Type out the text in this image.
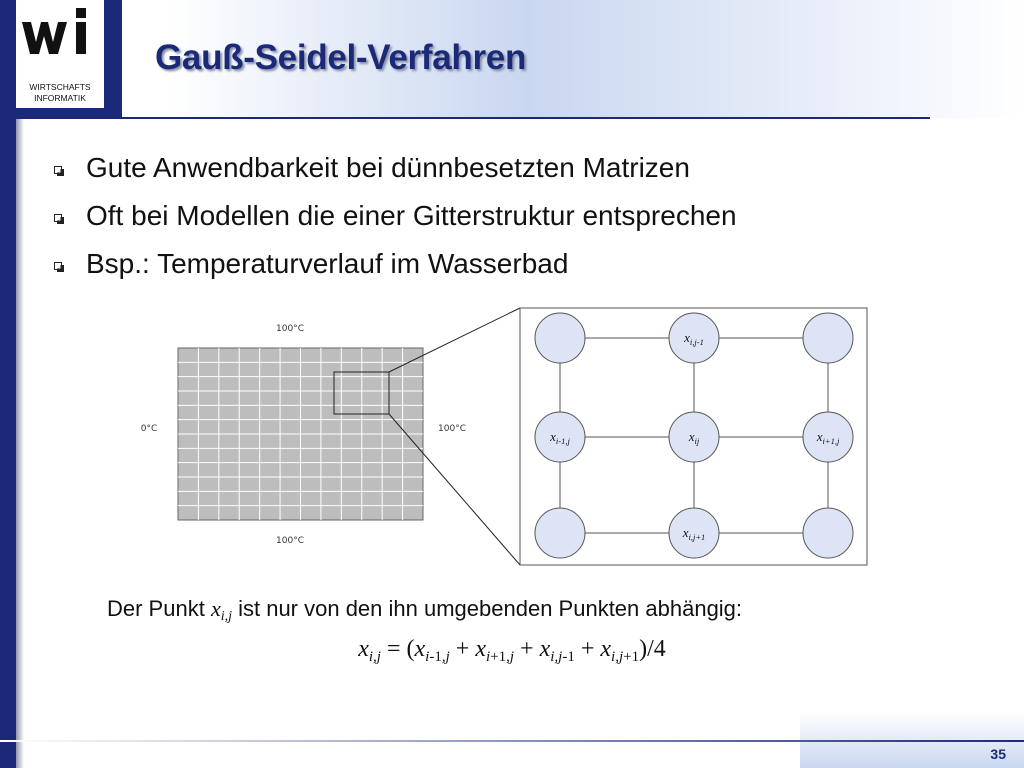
WIRTSCHAFTS
INFORMATIK
Gauß-Seidel-Verfahren
Gute Anwendbarkeit bei dünnbesetzten Matrizen
Oft bei Modellen die einer Gitterstruktur entsprechen
Bsp.: Temperaturverlauf im Wasserbad
100°C
100°C
0°C	100°C
xi,j-1
xi-1,j	xij	xi+1,j
xi,j+1
Der Punkt xi,j ist nur von den ihn umgebenden Punkten abhängig:
$x_{i,j} = (x_{i-1,j} + x_{i+1,j} + x_{i,j-1} + x_{i,j+1})/4$
35
